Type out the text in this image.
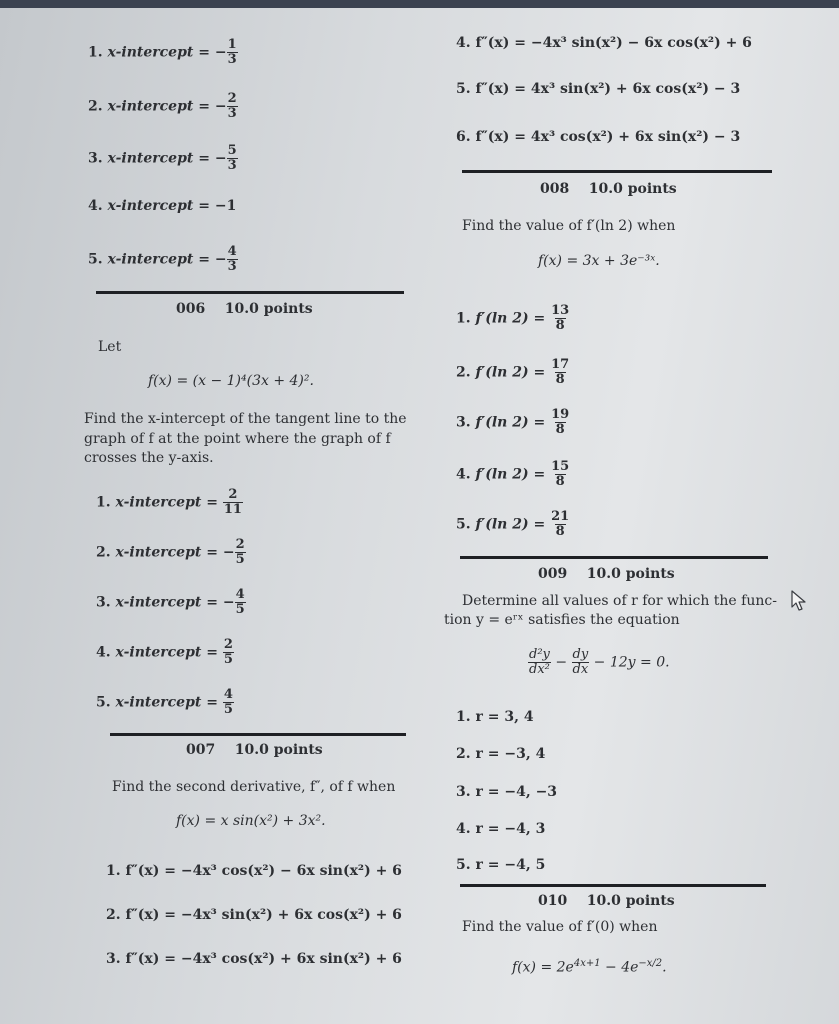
1. x-intercept = − $\frac{1}{3}$
2. x-intercept = − $\frac{2}{3}$
3. x-intercept = − $\frac{5}{3}$
4. x-intercept = −1
5. x-intercept = − $\frac{4}{3}$
006 10.0 points
Let
f(x) = (x − 1)⁴(3x + 4)².
Find the x-intercept of the tangent line to the
graph of f at the point where the graph of f
crosses the y-axis.
1. x-intercept = $\frac{2}{11}$
2. x-intercept = − $\frac{2}{5}$
3. x-intercept = − $\frac{4}{5}$
4. x-intercept = $\frac{2}{5}$
5. x-intercept = $\frac{4}{5}$
007 10.0 points
Find the second derivative, f″, of f when
f(x) = x sin(x²) + 3x².
1. f″(x) = −4x³ cos(x²) − 6x sin(x²) + 6
2. f″(x) = −4x³ sin(x²) + 6x cos(x²) + 6
3. f″(x) = −4x³ cos(x²) + 6x sin(x²) + 6
4. f″(x) = −4x³ sin(x²) − 6x cos(x²) + 6
5. f″(x) = 4x³ sin(x²) + 6x cos(x²) − 3
6. f″(x) = 4x³ cos(x²) + 6x sin(x²) − 3
008 10.0 points
Find the value of f′(ln 2) when
f(x) = 3x + 3e⁻³ˣ.
1. f′(ln $2) = \frac{13}{8}$
2. f′(ln $2) = \frac{17}{8}$
3. f′(ln $2) = \frac{19}{8}$
4. f′(ln $2) = \frac{15}{8}$
5. f′(ln $2) = \frac{21}{8}$
009 10.0 points
Determine all values of r for which the func-
tion y = eʳˣ satisfies the equation
$\frac{\text{d²y}}{\text{dx²}} - \frac{dy}{dx} - 12y = 0$.
1. r = 3, 4
2. r = −3, 4
3. r = −4, −3
4. r = −4, 3
5. r = −4, 5
010 10.0 points
Find the value of f′(0) when
$f(x) = 2e^{4x+1} - 4e^{-x/2}$.
